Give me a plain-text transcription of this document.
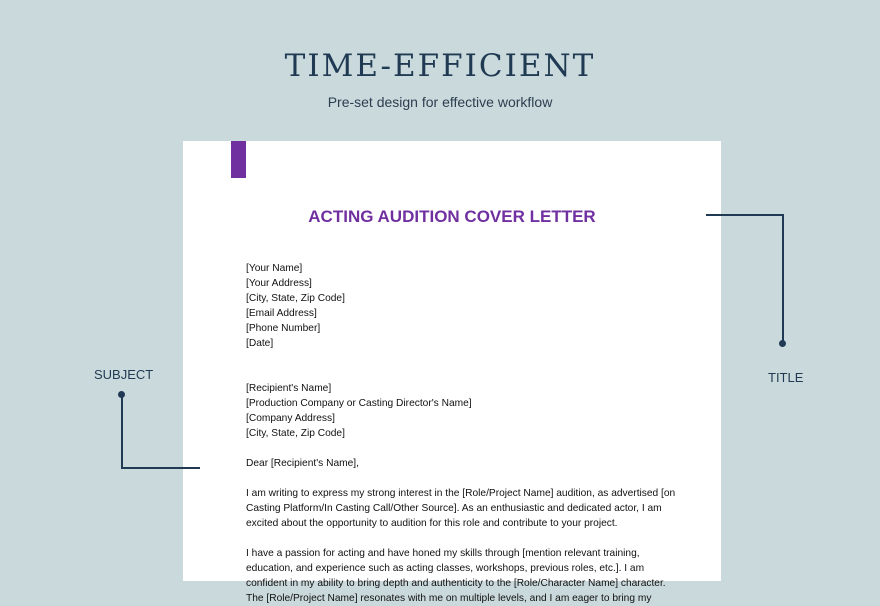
TIME-EFFICIENT
Pre-set design for effective workflow
ACTING AUDITION COVER LETTER

[Your Name]
[Your Address]
[City, State, Zip Code]
[Email Address]
[Phone Number]
[Date]

[Recipient's Name]
[Production Company or Casting Director's Name]
[Company Address]
[City, State, Zip Code]
Dear [Recipient's Name],
I am writing to express my strong interest in the [Role/Project Name] audition, as advertised [on
Casting Platform/In Casting Call/Other Source]. As an enthusiastic and dedicated actor, I am
excited about the opportunity to audition for this role and contribute to your project.
I have a passion for acting and have honed my skills through [mention relevant training,
education, and experience such as acting classes, workshops, previous roles, etc.]. I am
confident in my ability to bring depth and authenticity to the [Role/Character Name] character.
The [Role/Project Name] resonates with me on multiple levels, and I am eager to bring my
SUBJECT	TITLE
